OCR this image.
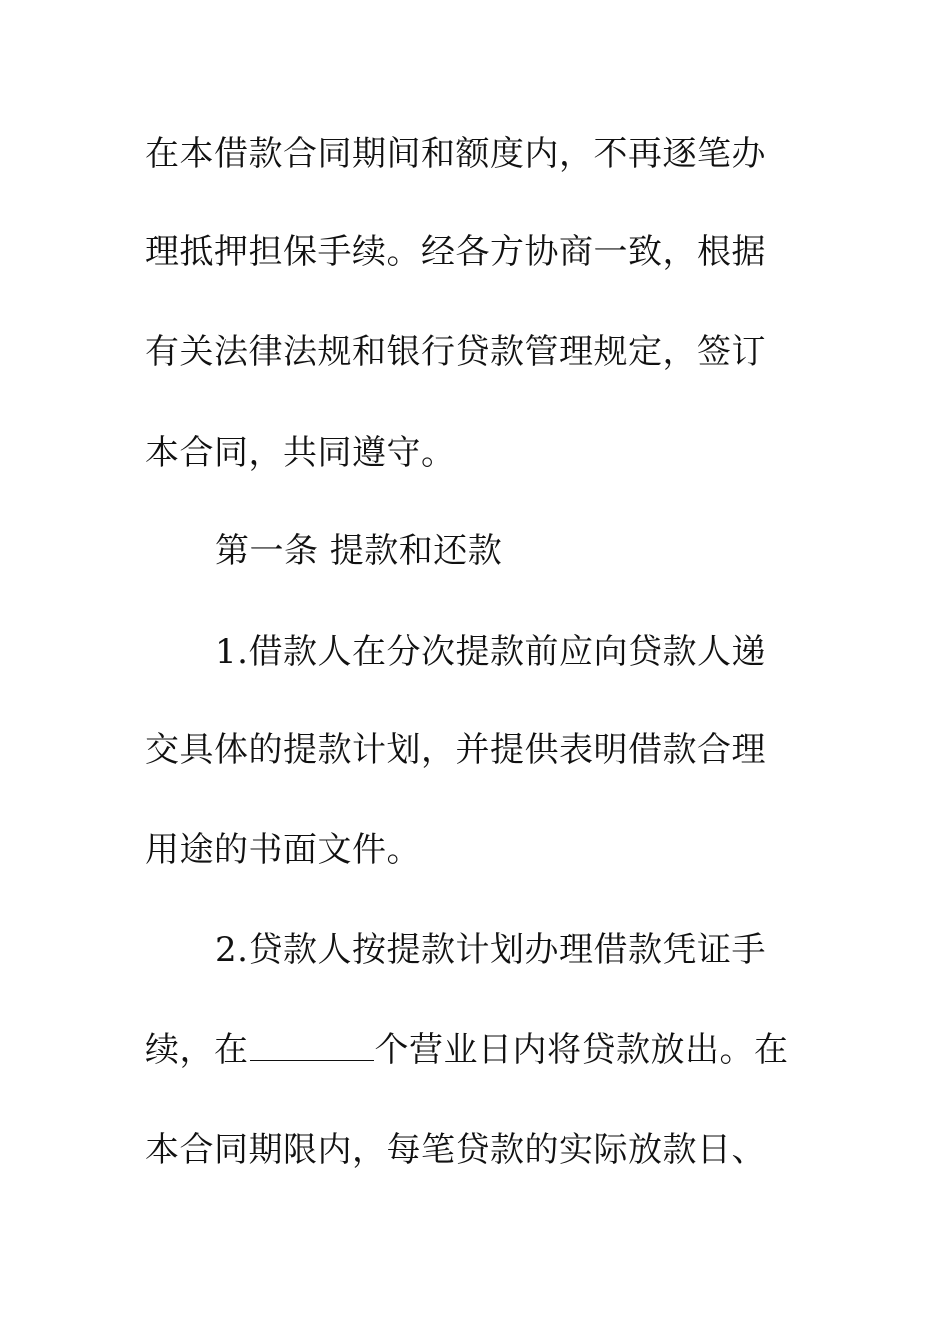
在本借款合同期间和额度内，不再逐笔办
理抵押担保手续。经各方协商一致，根据
有关法律法规和银行贷款管理规定，签订
本合同，共同遵守。
第一条 提款和还款
1.借款人在分次提款前应向贷款人递
交具体的提款计划，并提供表明借款合理
用途的书面文件。
2.贷款人按提款计划办理借款凭证手
续，在	个营业日内将贷款放出。在
本合同期限内，每笔贷款的实际放款日、
